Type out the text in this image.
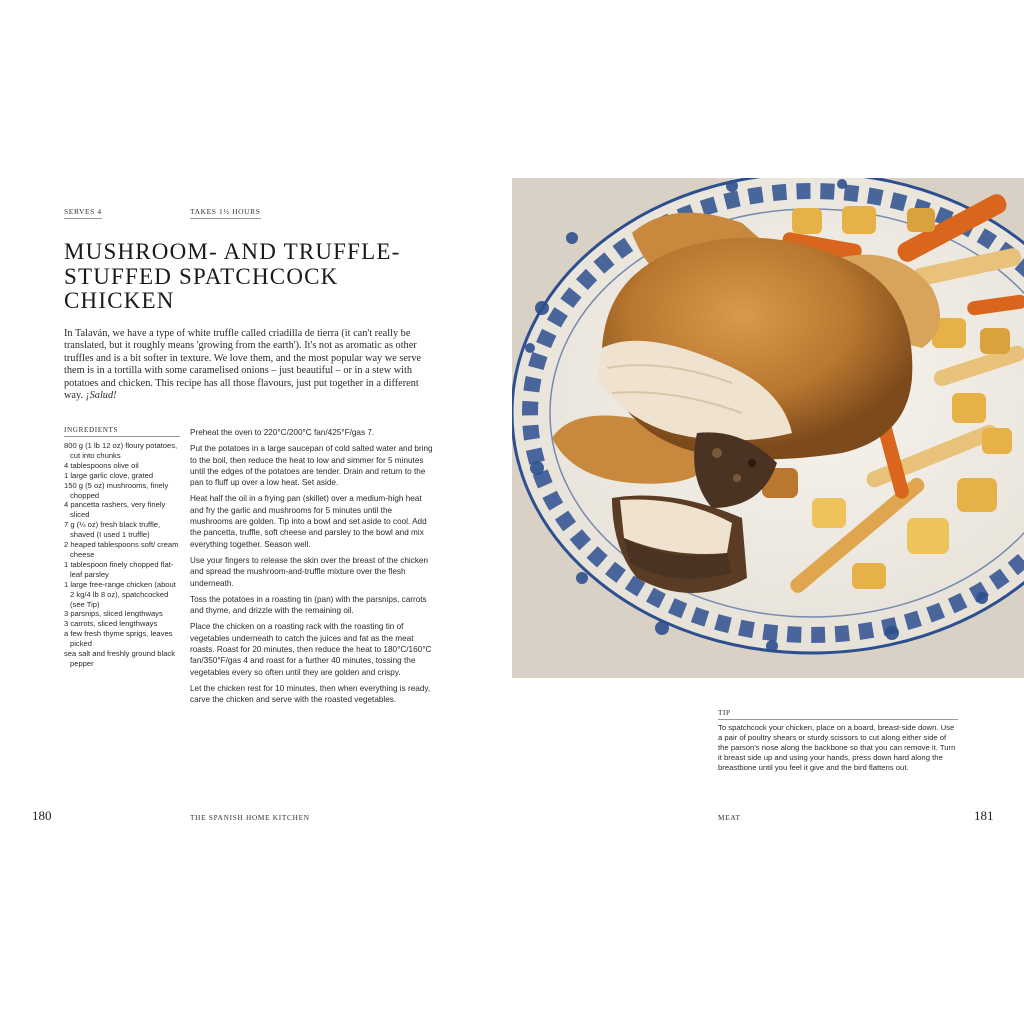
SERVES 4	TAKES 1½ HOURS
MUSHROOM- AND TRUFFLE-
STUFFED SPATCHCOCK
CHICKEN
In Talaván, we have a type of white truffle called criadilla de tierra (it can't really be translated, but it roughly means 'growing from the earth'). It's not as aromatic as other truffles and is a bit softer in texture. We love them, and the most popular way we serve them is in a tortilla with some caramelised onions – just beautiful – or in a stew with potatoes and chicken. This recipe has all those flavours, just put together in a different way. ¡Salud!
INGREDIENTS
800 g (1 lb 12 oz) floury potatoes, cut into chunks
4 tablespoons olive oil
1 large garlic clove, grated
150 g (5 oz) mushrooms, finely chopped
4 pancetta rashers, very finely sliced
7 g (¼ oz) fresh black truffle, shaved (I used 1 truffle)
2 heaped tablespoons soft/ cream cheese
1 tablespoon finely chopped flat-leaf parsley
1 large free-range chicken (about 2 kg/4 lb 8 oz), spatchcocked (see Tip)
3 parsnips, sliced lengthways
3 carrots, sliced lengthways
a few fresh thyme sprigs, leaves picked
sea salt and freshly ground black pepper

Preheat the oven to 220°C/200°C fan/425°F/gas 7.

Put the potatoes in a large saucepan of cold salted water and bring to the boil, then reduce the heat to low and simmer for 5 minutes until the edges of the potatoes are tender. Drain and return to the pan to fluff up over a low heat. Set aside.

Heat half the oil in a frying pan (skillet) over a medium-high heat and fry the garlic and mushrooms for 5 minutes until the mushrooms are golden. Tip into a bowl and set aside to cool. Add the pancetta, truffle, soft cheese and parsley to the bowl and mix everything together. Season well.

Use your fingers to release the skin over the breast of the chicken and spread the mushroom-and-truffle mixture over the flesh underneath.

Toss the potatoes in a roasting tin (pan) with the parsnips, carrots and thyme, and drizzle with the remaining oil.

Place the chicken on a roasting rack with the roasting tin of vegetables underneath to catch the juices and fat as the meat roasts. Roast for 20 minutes, then reduce the heat to 180°C/160°C fan/350°F/gas 4 and roast for a further 40 minutes, tossing the vegetables every so often until they are golden and crispy.

Let the chicken rest for 10 minutes, then when everything is ready, carve the chicken and serve with the roasted vegetables.

TIP
To spatchcock your chicken, place on a board, breast-side down. Use a pair of poultry shears or sturdy scissors to cut along either side of the parson's nose along the backbone so that you can remove it. Turn it breast side up and using your hands, press down hard along the breastbone until you feel it give and the bird flattens out.
180	THE SPANISH HOME KITCHEN	MEAT	181
